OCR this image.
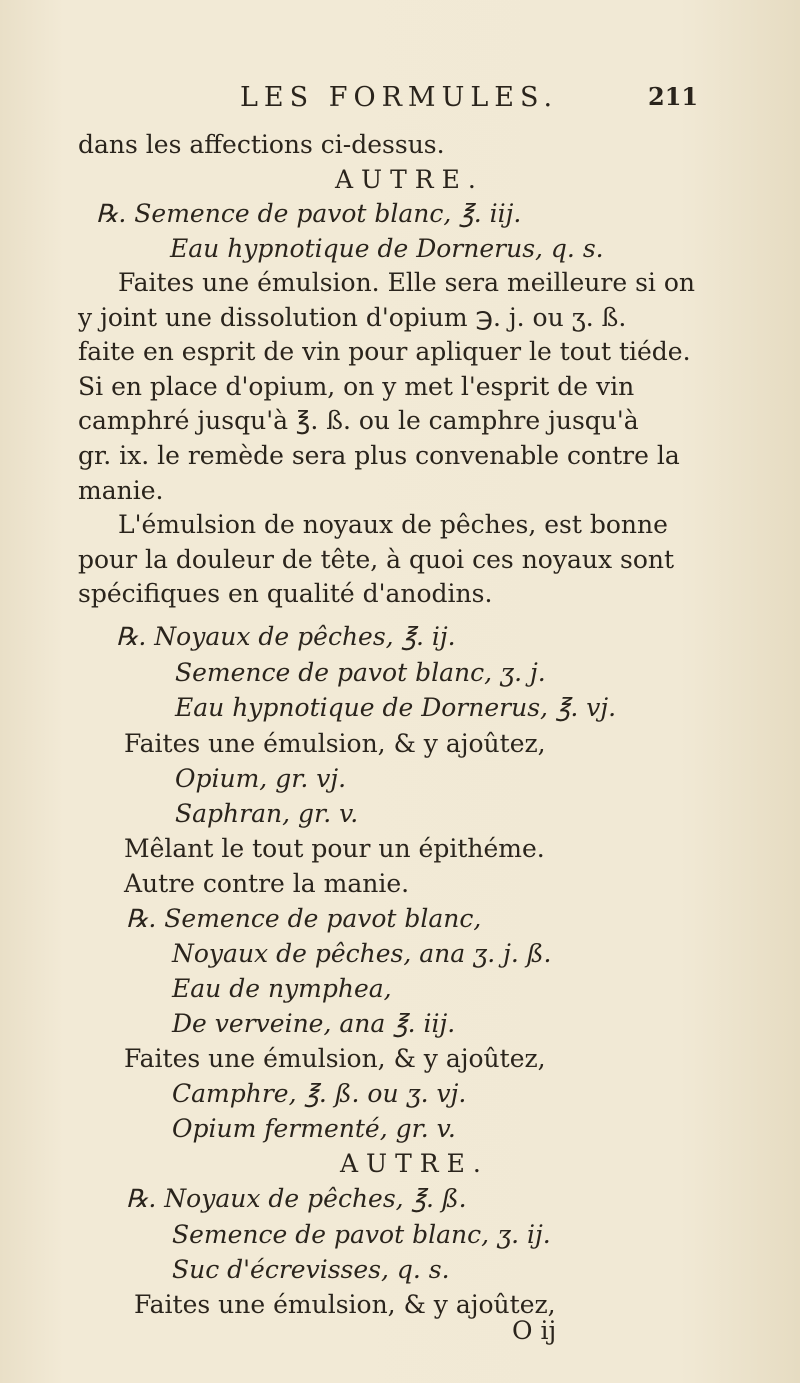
LES FORMULES.	211
dans les affections ci-dessus.
AUTRE.
℞. Semence de pavot blanc, ℥. iij.
Eau hypnotique de Dornerus, q. s.
Faites une émulsion. Elle sera meilleure si on
y joint une dissolution d'opium ℈. j. ou ʒ. ß.
faite en esprit de vin pour apliquer le tout tiéde.
Si en place d'opium, on y met l'esprit de vin
camphré jusqu'à ℥. ß. ou le camphre jusqu'à
gr. ix. le remède sera plus convenable contre la
manie.
L'émulsion de noyaux de pêches, est bonne
pour la douleur de tête, à quoi ces noyaux sont
spécifiques en qualité d'anodins.
℞. Noyaux de pêches, ℥. ij.
Semence de pavot blanc, ʒ. j.
Eau hypnotique de Dornerus, ℥. vj.
Faites une émulsion, & y ajoûtez,
Opium, gr. vj.
Saphran, gr. v.
Mêlant le tout pour un épithéme.
Autre contre la manie.
℞. Semence de pavot blanc,
Noyaux de pêches, ana ʒ. j. ß.
Eau de nymphea,
De verveine, ana ℥. iij.
Faites une émulsion, & y ajoûtez,
Camphre, ℥. ß. ou ʒ. vj.
Opium fermenté, gr. v.
AUTRE.
℞. Noyaux de pêches, ℥. ß.
Semence de pavot blanc, ʒ. ij.
Suc d'écrevisses, q. s.
Faites une émulsion, & y ajoûtez,
O ij
